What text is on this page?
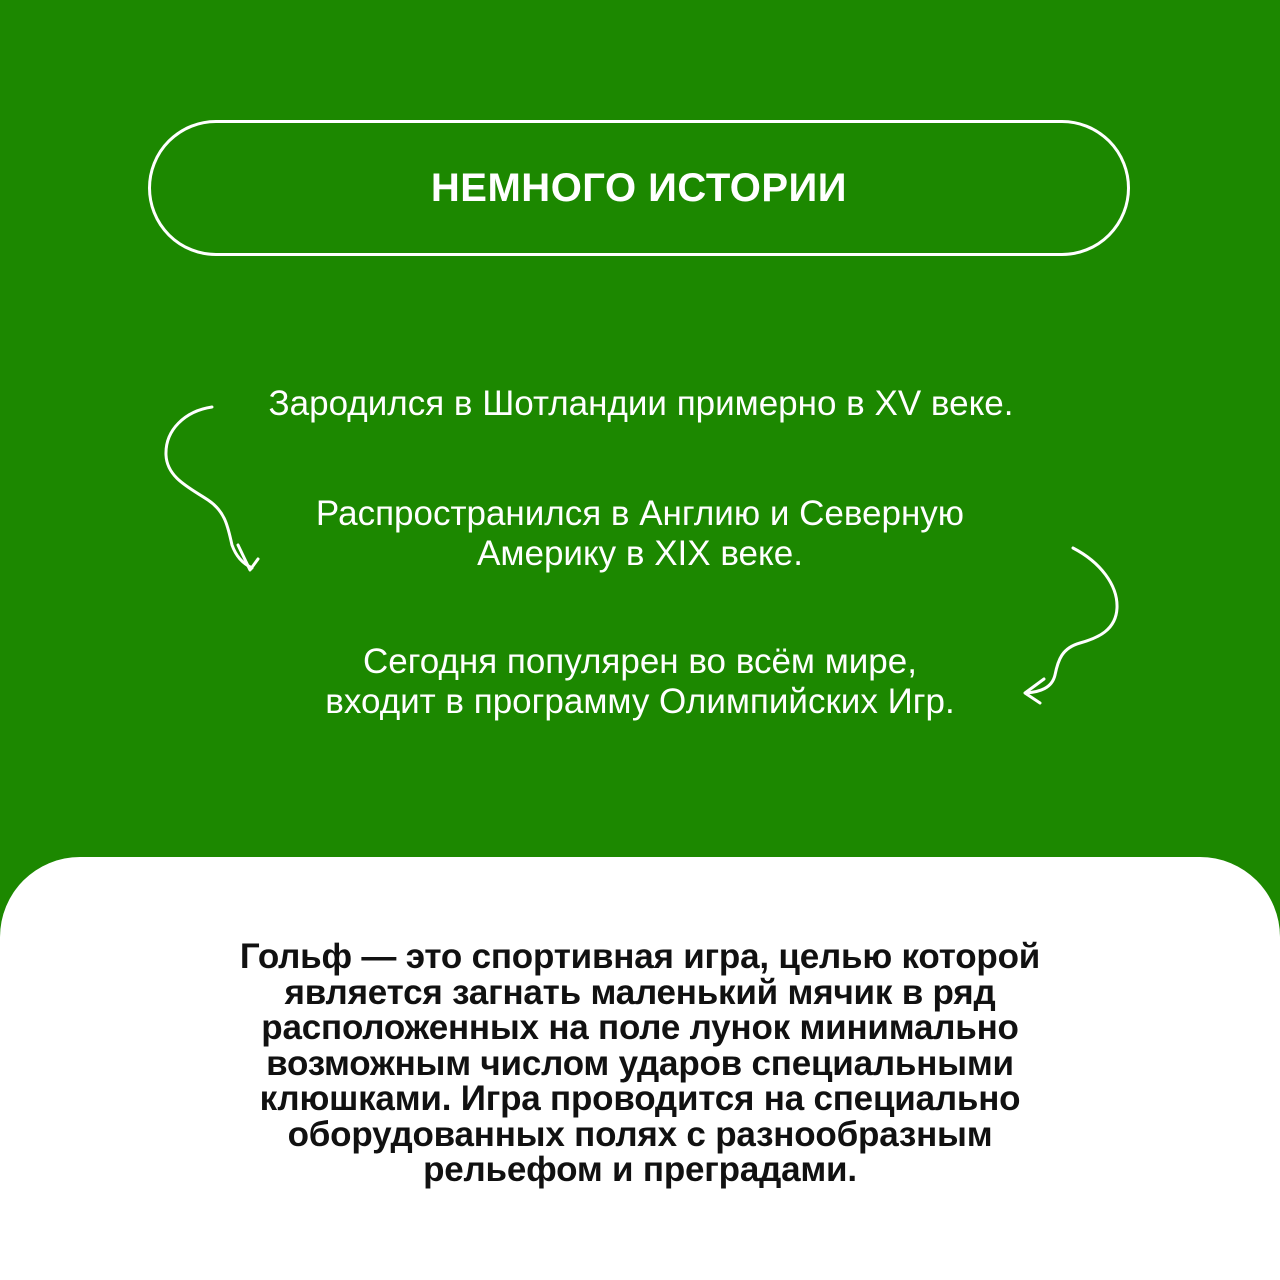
НЕМНОГО ИСТОРИИ
Зародился в Шотландии примерно в XV веке.
Распространился в Англию и Северную
Америку в XIX веке.
Сегодня популярен во всём мире,
входит в программу Олимпийских Игр.
Гольф — это спортивная игра, целью которой
является загнать маленький мячик в ряд
расположенных на поле лунок минимально
возможным числом ударов специальными
клюшками. Игра проводится на специально
оборудованных полях с разнообразным
рельефом и преградами.
